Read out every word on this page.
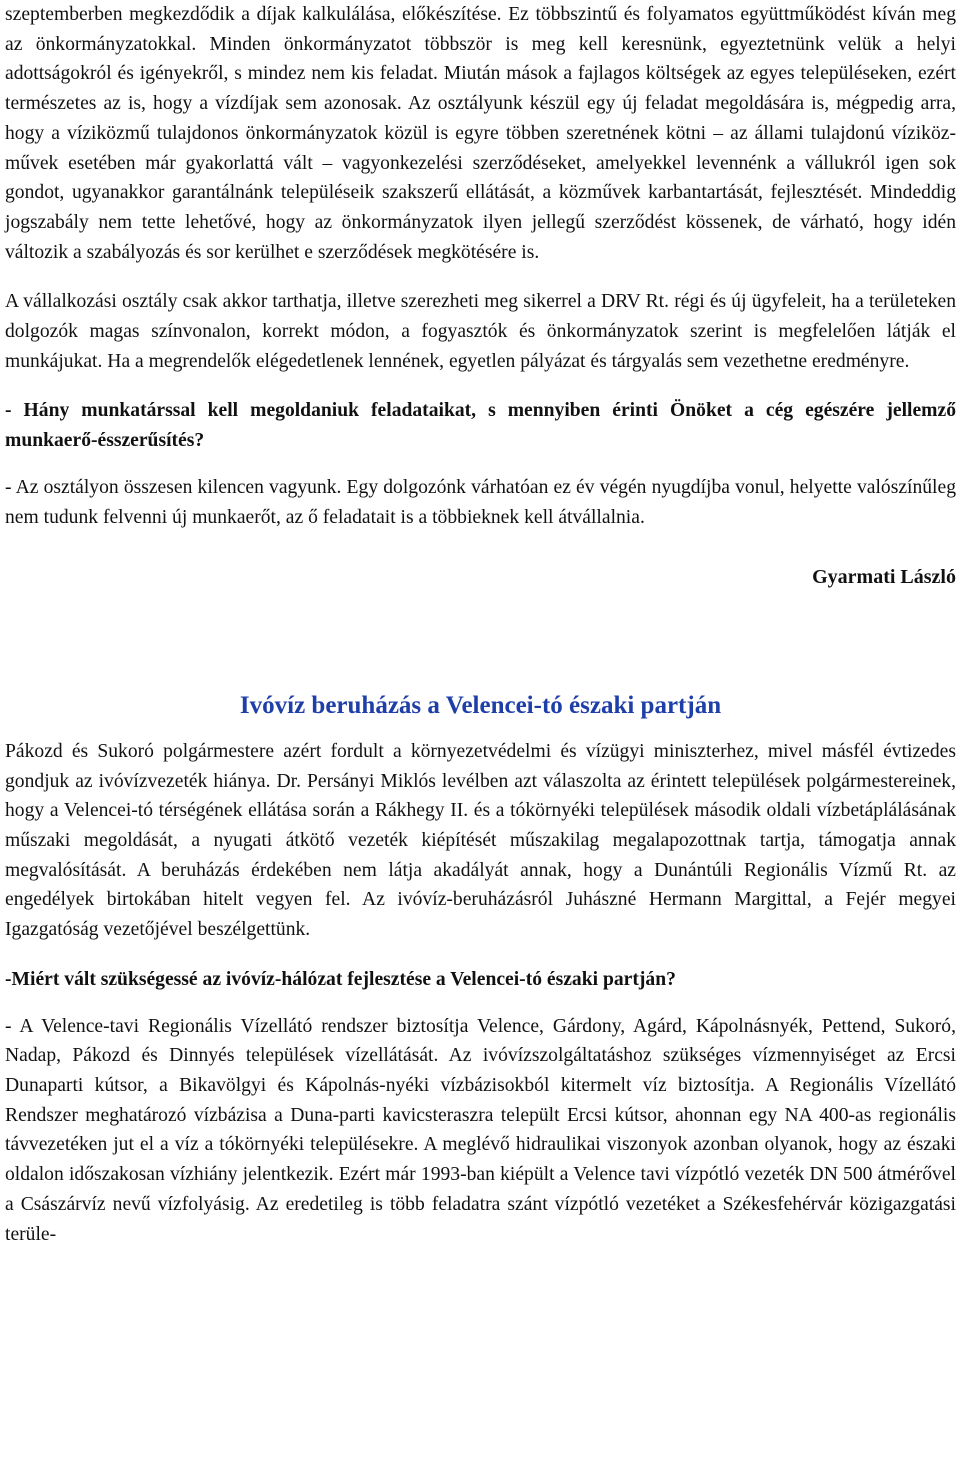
szeptemberben megkezdődik a díjak kalkulálása, előkészítése. Ez többszintű és folyamatos együttműködést kíván meg az önkormányzatokkal. Minden önkormányzatot többször is meg kell keresnünk, egyeztetnünk velük a helyi adottságokról és igényekről, s mindez nem kis feladat. Miután mások a fajlagos költségek az egyes településeken, ezért természetes az is, hogy a vízdíjak sem azonosak. Az osztályunk készül egy új feladat megoldására is, mégpedig arra, hogy a víziközmű tulajdonos önkormányzatok közül is egyre többen szeretnének kötni – az állami tulajdonú víziköz-művek esetében már gyakorlattá vált – vagyonkezelési szerződéseket, amelyekkel levennénk a vállukról igen sok gondot, ugyanakkor garantálnánk településeik szakszerű ellátását, a közművek karbantartását, fejlesztését. Mindeddig jogszabály nem tette lehetővé, hogy az önkormányzatok ilyen jellegű szerződést kössenek, de várható, hogy idén változik a szabályozás és sor kerülhet e szerződések megkötésére is.

A vállalkozási osztály csak akkor tarthatja, illetve szerezheti meg sikerrel a DRV Rt. régi és új ügyfeleit, ha a területeken dolgozók magas színvonalon, korrekt módon, a fogyasztók és önkormányzatok szerint is megfelelően látják el munkájukat. Ha a megrendelők elégedetlenek lennének, egyetlen pályázat és tárgyalás sem vezethetne eredményre.

- Hány munkatárssal kell megoldaniuk feladataikat, s mennyiben érinti Önöket a cég egészére jellemző munkaerő-ésszerűsítés?

- Az osztályon összesen kilencen vagyunk. Egy dolgozónk várhatóan ez év végén nyugdíjba vonul, helyette valószínűleg nem tudunk felvenni új munkaerőt, az ő feladatait is a többieknek kell átvállalnia.

Gyarmati László

Ivóvíz beruházás a Velencei-tó északi partján

Pákozd és Sukoró polgármestere azért fordult a környezetvédelmi és vízügyi miniszterhez, mivel másfél évtizedes gondjuk az ivóvízvezeték hiánya. Dr. Persányi Miklós levélben azt válaszolta az érintett települések polgármestereinek, hogy a Velencei-tó térségének ellátása során a Rákhegy II. és a tókörnyéki települések második oldali vízbetáplálásának műszaki megoldását, a nyugati átkötő vezeték kiépítését műszakilag megalapozottnak tartja, támogatja annak megvalósítását. A beruházás érdekében nem látja akadályát annak, hogy a Dunántúli Regionális Vízmű Rt. az engedélyek birtokában hitelt vegyen fel. Az ivóvíz-beruházásról Juhászné Hermann Margittal, a Fejér megyei Igazgatóság vezetőjével beszélgettünk.

-Miért vált szükségessé az ivóvíz-hálózat fejlesztése a Velencei-tó északi partján?

- A Velence-tavi Regionális Vízellátó rendszer biztosítja Velence, Gárdony, Agárd, Kápolnásnyék, Pettend, Sukoró, Nadap, Pákozd és Dinnyés települések vízellátását. Az ivóvízszolgáltatáshoz szükséges vízmennyiséget az Ercsi Dunaparti kútsor, a Bikavölgyi és Kápolnás-nyéki vízbázisokból kitermelt víz biztosítja. A Regionális Vízellátó Rendszer meghatározó vízbázisa a Duna-parti kavicsteraszra települt Ercsi kútsor, ahonnan egy NA 400-as regionális távvezetéken jut el a víz a tókörnyéki településekre. A meglévő hidraulikai viszonyok azonban olyanok, hogy az északi oldalon időszakosan vízhiány jelentkezik. Ezért már 1993-ban kiépült a Velence tavi vízpótló vezeték DN 500 átmérővel a Császárvíz nevű vízfolyásig. Az eredetileg is több feladatra szánt vízpótló vezetéket a Székesfehérvár közigazgatási terüle-
